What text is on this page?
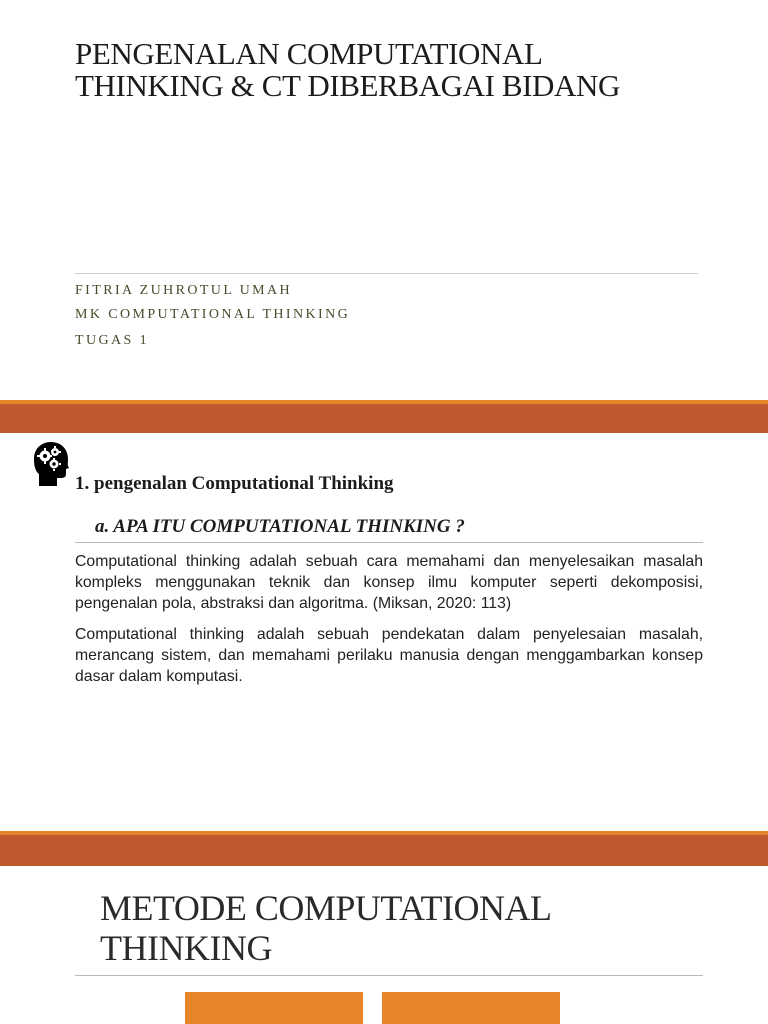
PENGENALAN COMPUTATIONAL
THINKING & CT DIBERBAGAI BIDANG
FITRIA ZUHROTUL UMAH
MK COMPUTATIONAL THINKING
TUGAS 1
1. pengenalan Computational Thinking
a. APA ITU COMPUTATIONAL THINKING ?

Computational thinking adalah sebuah cara memahami dan menyelesaikan masalah kompleks menggunakan teknik dan konsep ilmu komputer seperti dekomposisi, pengenalan pola, abstraksi dan algoritma. (Miksan, 2020: 113)

Computational thinking adalah sebuah pendekatan dalam penyelesaian masalah, merancang sistem, dan memahami perilaku manusia dengan menggambarkan konsep dasar dalam komputasi.

METODE COMPUTATIONAL
THINKING
